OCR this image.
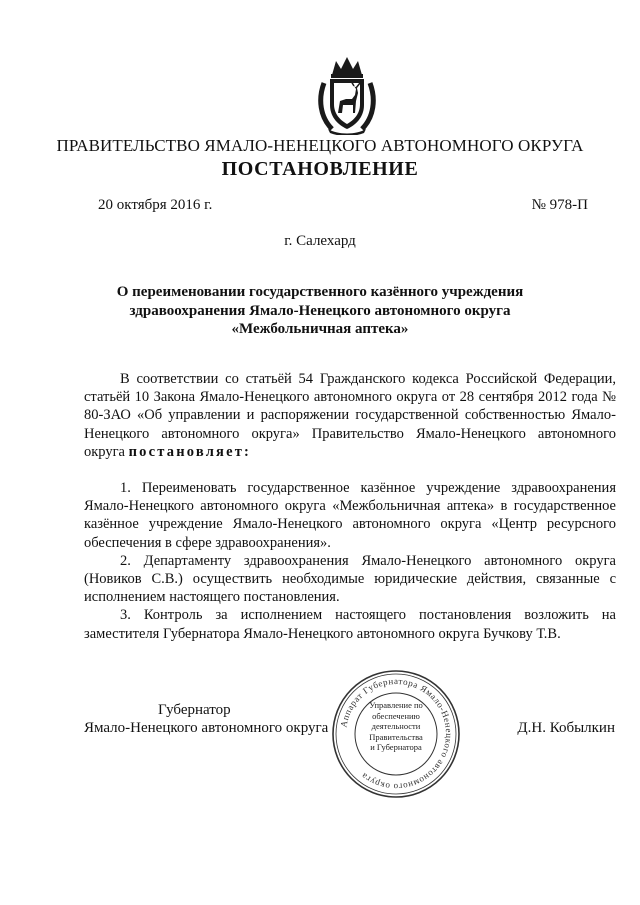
ПРАВИТЕЛЬСТВО ЯМАЛО-НЕНЕЦКОГО АВТОНОМНОГО ОКРУГА
ПОСТАНОВЛЕНИЕ
20 октября 2016 г.	№ 978-П
г. Салехард
О переименовании государственного казённого учреждения
здравоохранения Ямало-Ненецкого автономного округа
«Межбольничная аптека»

В соответствии со статьёй 54 Гражданского кодекса Российской Федерации, статьёй 10 Закона Ямало-Ненецкого автономного округа от 28 сентября 2012 года № 80-ЗАО «Об управлении и распоряжении государственной собственностью Ямало-Ненецкого автономного округа» Правительство Ямало-Ненецкого автономного округа постановляет:

1. Переименовать государственное казённое учреждение здравоохранения Ямало-Ненецкого автономного округа «Межбольничная аптека» в государственное казённое учреждение Ямало-Ненецкого автономного округа «Центр ресурсного обеспечения в сфере здравоохранения».

2. Департаменту здравоохранения Ямало-Ненецкого автономного округа (Новиков С.В.) осуществить необходимые юридические действия, связанные с исполнением настоящего постановления.

3. Контроль за исполнением настоящего постановления возложить на заместителя Губернатора Ямало-Ненецкого автономного округа Бучкову Т.В.

Аппарат Губернатора Ямало-Ненецкого автономного округа
Управление по
обеспечению
деятельности
Правительства
и Губернатора
Губернатор
Ямало-Ненецкого автономного округа	Д.Н. Кобылкин
